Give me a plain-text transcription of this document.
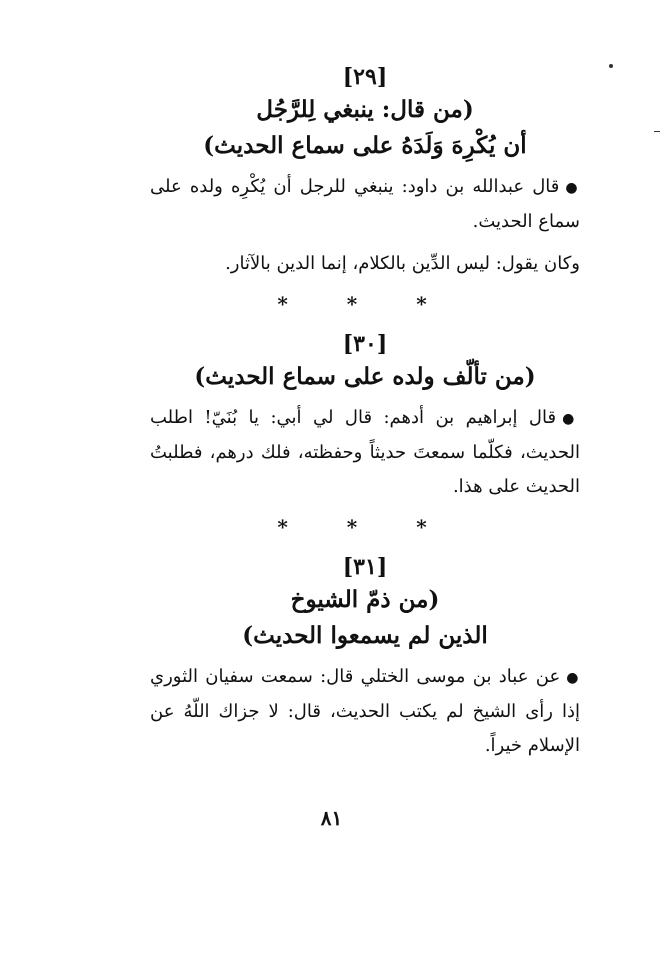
[٢٩]

(من قال: ينبغي لِلرَّجُل

أن يُكْرِهَ وَلَدَهُ على سماع الحديث)

●قال عبدالله بن داود: ينبغي للرجل أن يُكْرِه ولده على سماع الحديث.

وكان يقول: ليس الدِّين بالكلام، إنما الدين بالآثار.

* * *

[٣٠]

(من تألّف ولده على سماع الحديث)

●قال إبراهيم بن أدهم: قال لي أبي: يا بُنَيّ! اطلب الحديث، فكلّما سمعتَ حديثاً وحفظته، فلك درهم، فطلبتُ الحديث على هذا.

* * *

[٣١]

(من ذمّ الشيوخ

الذين لم يسمعوا الحديث)

●عن عباد بن موسى الختلي قال: سمعت سفيان الثوري إذا رأى الشيخ لم يكتب الحديث، قال: لا جزاك اللّهُ عن الإسلام خيراً.

٨١
